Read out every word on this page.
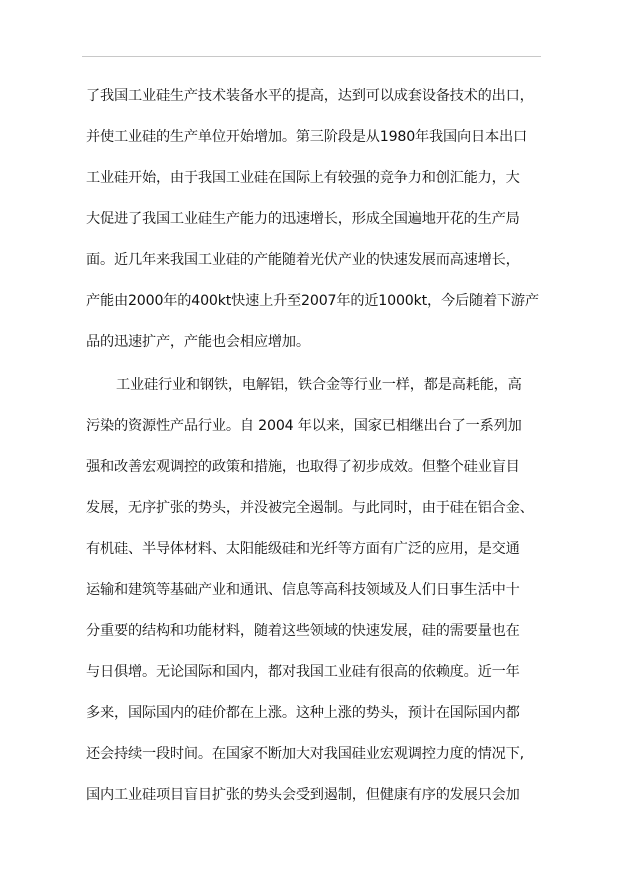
了我国工业硅生产技术装备水平的提高，达到可以成套设备技术的出口，
并使工业硅的生产单位开始增加。第三阶段是从1980年我国向日本出口
工业硅开始，由于我国工业硅在国际上有较强的竞争力和创汇能力，大
大促进了我国工业硅生产能力的迅速增长，形成全国遍地开花的生产局
面。近几年来我国工业硅的产能随着光伏产业的快速发展而高速增长，
产能由2000年的400kt快速上升至2007年的近1000kt，今后随着下游产
品的迅速扩产，产能也会相应增加。
工业硅行业和钢铁，电解铝，铁合金等行业一样，都是高耗能，高
污染的资源性产品行业。自 2004 年以来，国家已相继出台了一系列加
强和改善宏观调控的政策和措施，也取得了初步成效。但整个硅业盲目
发展，无序扩张的势头，并没被完全遏制。与此同时，由于硅在铝合金、
有机硅、半导体材料、太阳能级硅和光纤等方面有广泛的应用，是交通
运输和建筑等基础产业和通讯、信息等高科技领域及人们日事生活中十
分重要的结构和功能材料，随着这些领域的快速发展，硅的需要量也在
与日俱增。无论国际和国内，都对我国工业硅有很高的依赖度。近一年
多来，国际国内的硅价都在上涨。这种上涨的势头，预计在国际国内都
还会持续一段时间。在国家不断加大对我国硅业宏观调控力度的情况下,
国内工业硅项目盲目扩张的势头会受到遏制，但健康有序的发展只会加
